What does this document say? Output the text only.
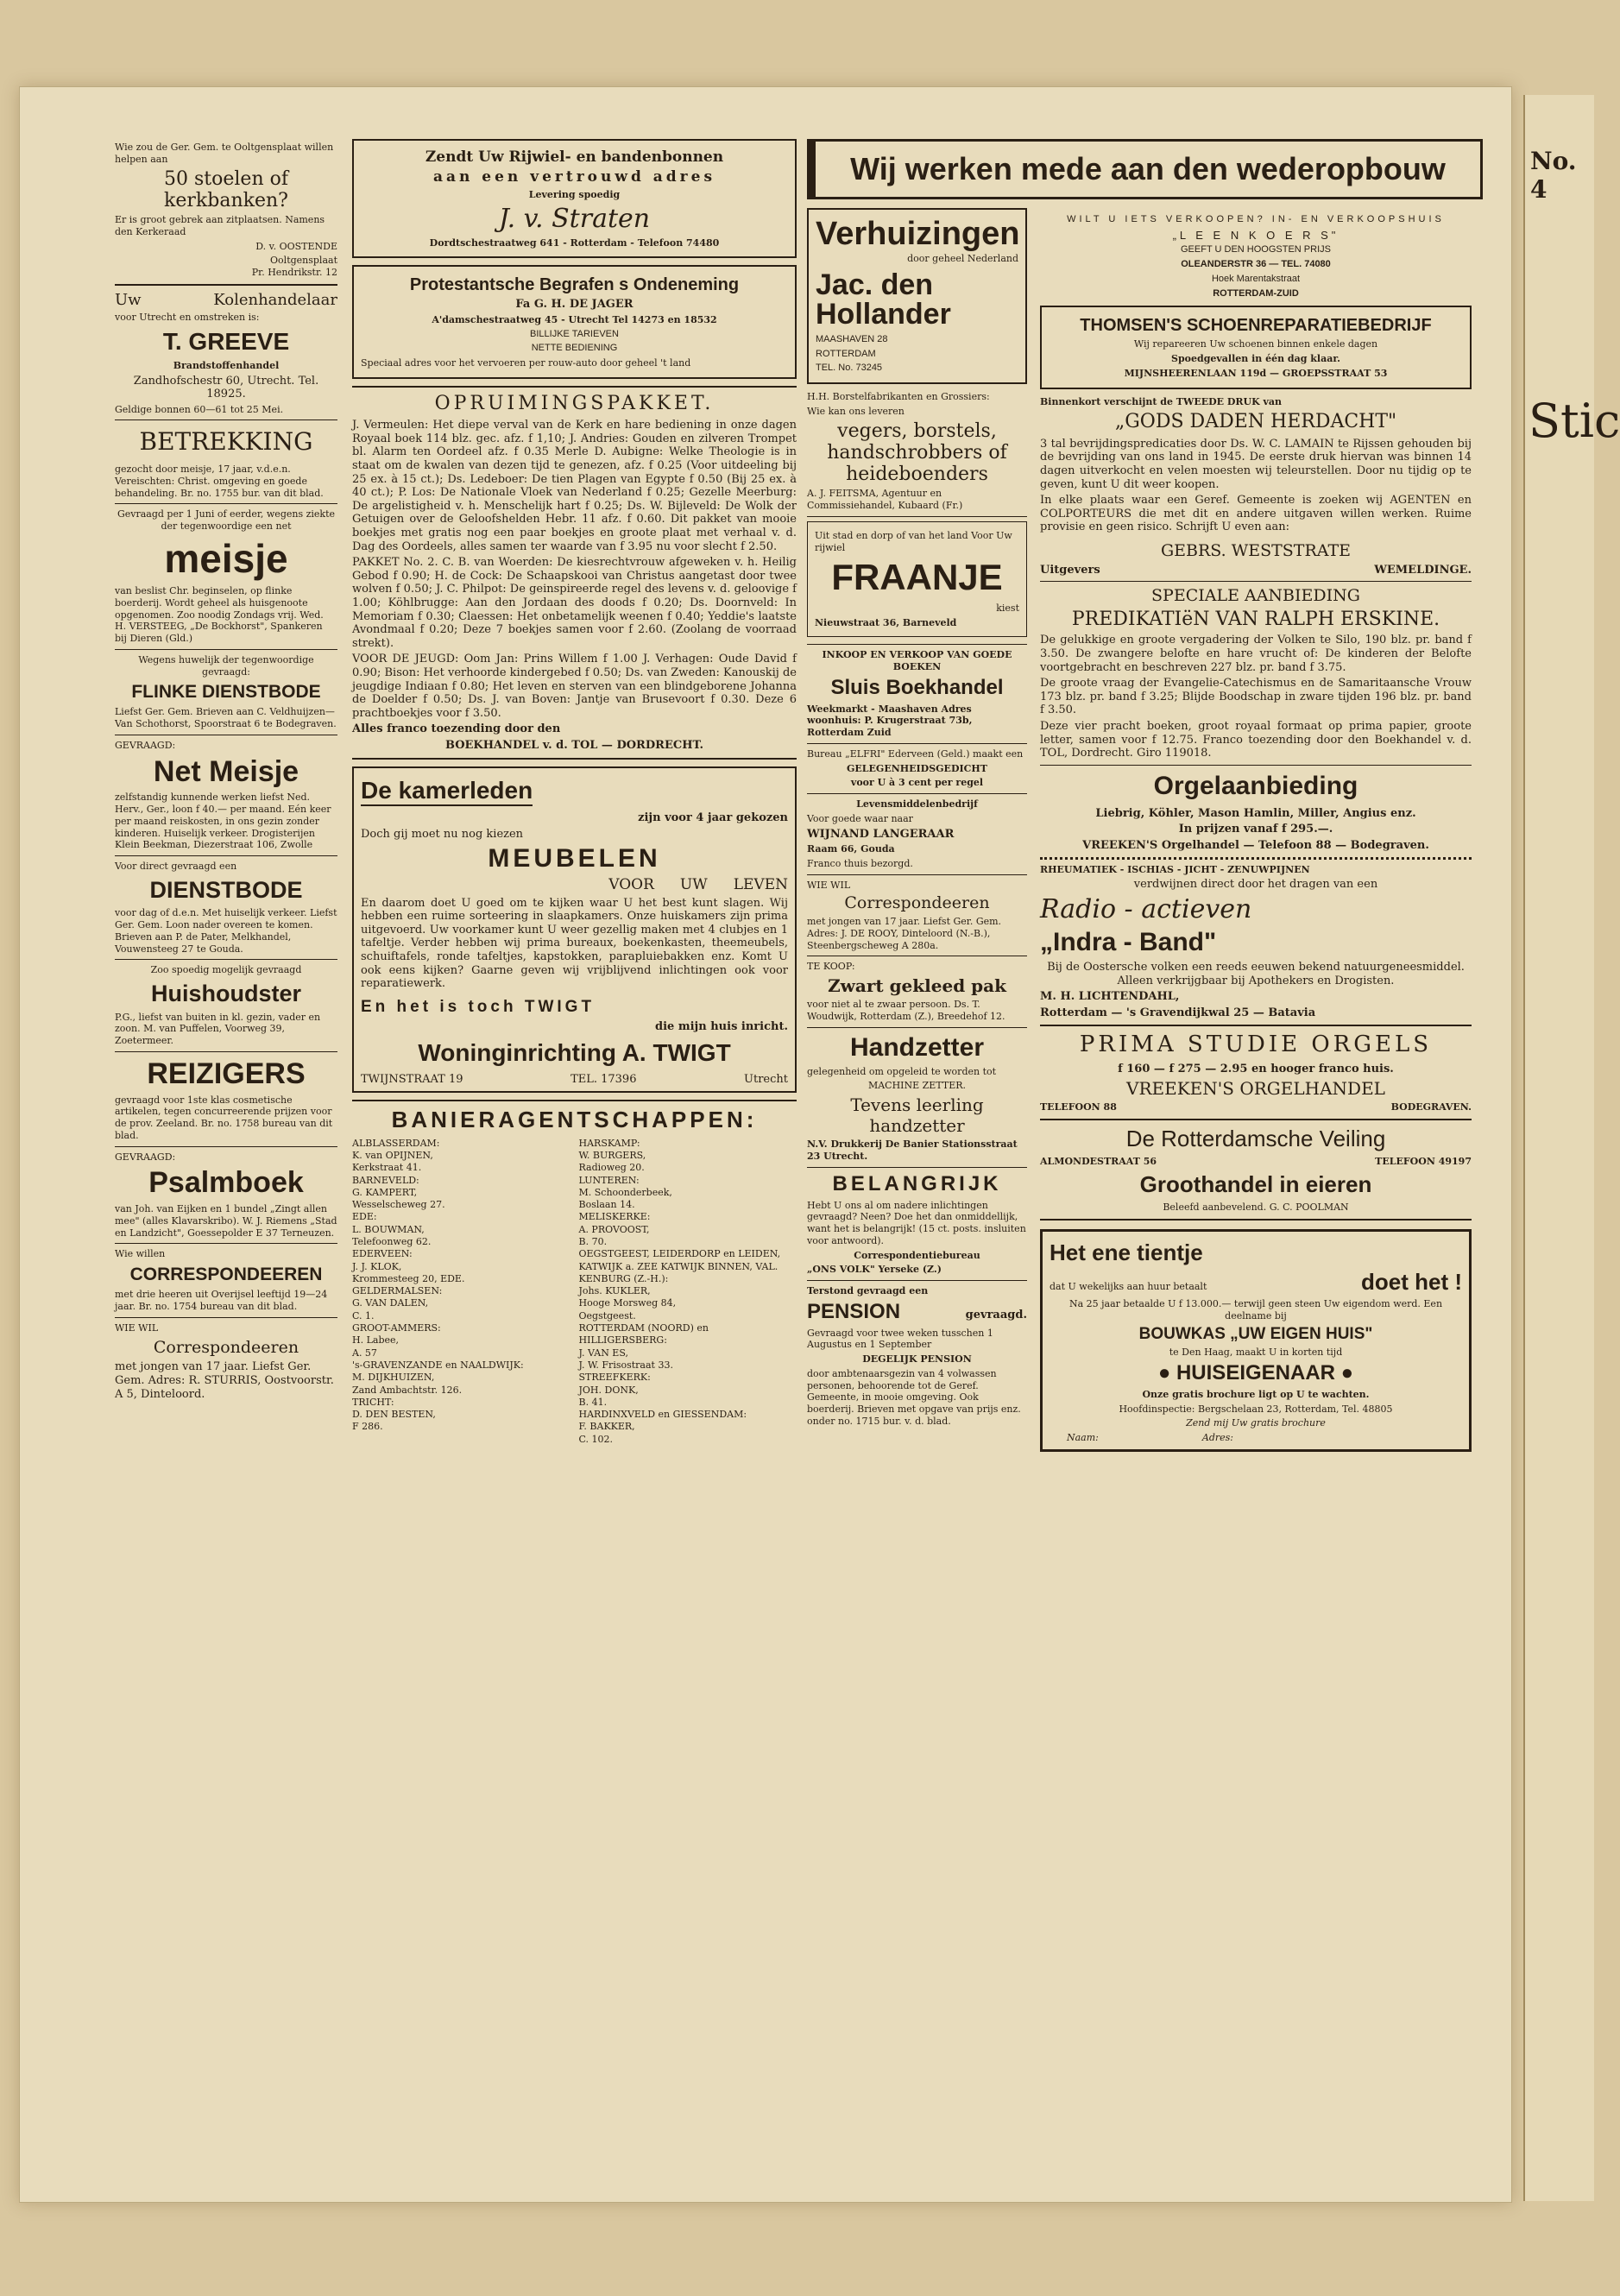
Wie zou de Ger. Gem. te Ooltgensplaat willen helpen aan

50 stoelen of kerkbanken?

Er is groot gebrek aan zitplaatsen. Namens den Kerkeraad

D. v. OOSTENDE

Ooltgensplaat

Pr. Hendrikstr. 12

Uw	Kolenhandelaar

voor Utrecht en omstreken is:

T. GREEVE

Brandstoffenhandel

Zandhofschestr 60, Utrecht. Tel. 18925.

Geldige bonnen 60—61 tot 25 Mei.

BETREKKING

gezocht door meisje, 17 jaar, v.d.e.n. Vereischten: Christ. omgeving en goede behandeling. Br. no. 1755 bur. van dit blad.

Gevraagd per 1 Juni of eerder, wegens ziekte der tegenwoordige een net

meisje

van beslist Chr. beginselen, op flinke boerderij. Wordt geheel als huisgenoote opgenomen. Zoo noodig Zondags vrij. Wed. H. VERSTEEG, „De Bockhorst", Spankeren bij Dieren (Gld.)

Wegens huwelijk der tegenwoordige gevraagd:

FLINKE DIENSTBODE

Liefst Ger. Gem. Brieven aan C. Veldhuijzen—Van Schothorst, Spoorstraat 6 te Bodegraven.

GEVRAAGD:

Net Meisje

zelfstandig kunnende werken liefst Ned. Herv., Ger., loon f 40.— per maand. Eén keer per maand reiskosten, in ons gezin zonder kinderen. Huiselijk verkeer. Drogisterijen Klein Beekman, Diezerstraat 106, Zwolle

Voor direct gevraagd een

DIENSTBODE

voor dag of d.e.n. Met huiselijk verkeer. Liefst Ger. Gem. Loon nader overeen te komen. Brieven aan P. de Pater, Melkhandel, Vouwensteeg 27 te Gouda.

Zoo spoedig mogelijk gevraagd

Huishoudster

P.G., liefst van buiten in kl. gezin, vader en zoon. M. van Puffelen, Voorweg 39, Zoetermeer.

REIZIGERS

gevraagd voor 1ste klas cosmetische artikelen, tegen concurreerende prijzen voor de prov. Zeeland. Br. no. 1758 bureau van dit blad.

GEVRAAGD:

Psalmboek

van Joh. van Eijken en 1 bundel „Zingt allen mee" (alles Klavarskribo). W. J. Riemens „Stad en Landzicht", Goessepolder E 37 Terneuzen.

Wie willen

CORRESPONDEEREN

met drie heeren uit Overijsel leeftijd 19—24 jaar. Br. no. 1754 bureau van dit blad.

WIE WIL

Correspondeeren

met jongen van 17 jaar. Liefst Ger. Gem. Adres: R. STURRIS, Oostvoorstr. A 5, Dinteloord.

Zendt Uw Rijwiel- en bandenbonnen

aan een vertrouwd adres

Levering spoedig

J. v. Straten

Dordtschestraatweg 641 - Rotterdam - Telefoon 74480

Protestantsche Begrafen s Ondeneming

Fa G. H. DE JAGER

A'damschestraatweg 45 - Utrecht Tel 14273 en 18532

BILLIJKE TARIEVEN

NETTE BEDIENING

Speciaal adres voor het vervoeren per rouw-auto door geheel 't land

OPRUIMINGSPAKKET.

J. Vermeulen: Het diepe verval van de Kerk en hare bediening in onze dagen Royaal boek 114 blz. gec. afz. f 1,10; J. Andries: Gouden en zilveren Trompet bl. Alarm ten Oordeel afz. f 0.35 Merle D. Aubigne: Welke Theologie is in staat om de kwalen van dezen tijd te genezen, afz. f 0.25 (Voor uitdeeling bij 25 ex. à 15 ct.); Ds. Ledeboer: De tien Plagen van Egypte f 0.50 (Bij 25 ex. à 40 ct.); P. Los: De Nationale Vloek van Nederland f 0.25; Gezelle Meerburg: De argelistigheid v. h. Menschelijk hart f 0.25; Ds. W. Bijleveld: De Wolk der Getuigen over de Geloofshelden Hebr. 11 afz. f 0.60. Dit pakket van mooie boekjes met gratis nog een paar boekjes en groote plaat met verhaal v. d. Dag des Oordeels, alles samen ter waarde van f 3.95 nu voor slecht f 2.50.

PAKKET No. 2. C. B. van Woerden: De kiesrechtvrouw afgeweken v. h. Heilig Gebod f 0.90; H. de Cock: De Schaapskooi van Christus aangetast door twee wolven f 0.50; J. C. Philpot: De geinspireerde regel des levens v. d. geloovige f 1.00; Köhlbrugge: Aan den Jordaan des doods f 0.20; Ds. Doornveld: In Memoriam f 0.30; Claessen: Het onbetamelijk weenen f 0.40; Yeddie's laatste Avondmaal f 0.20; Deze 7 boekjes samen voor f 2.60. (Zoolang de voorraad strekt).

VOOR DE JEUGD: Oom Jan: Prins Willem f 1.00 J. Verhagen: Oude David f 0.90; Bison: Het verhoorde kindergebed f 0.50; Ds. van Zweden: Kanouskij de jeugdige Indiaan f 0.80; Het leven en sterven van een blindgeborene Johanna de Doelder f 0.50; Ds. J. van Boven: Jantje van Brusevoort f 0.30. Deze 6 prachtboekjes voor f 3.50.

Alles franco toezending door den

BOEKHANDEL v. d. TOL — DORDRECHT.

De kamerleden

zijn voor 4 jaar gekozen

Doch gij moet nu nog kiezen

MEUBELEN

VOOR UW LEVEN

En daarom doet U goed om te kijken waar U het best kunt slagen. Wij hebben een ruime sorteering in slaapkamers. Onze huiskamers zijn prima uitgevoerd. Uw voorkamer kunt U weer gezellig maken met 4 clubjes en 1 tafeltje. Verder hebben wij prima bureaux, boekenkasten, theemeubels, schuiftafels, ronde tafeltjes, kapstokken, parapluiebakken enz. Komt U ook eens kijken? Gaarne geven wij vrijblijvend inlichtingen ook voor reparatiewerk.

En het is toch TWIGT

die mijn huis inricht.

Woninginrichting A. TWIGT

TWIJNSTRAAT 19	TEL. 17396	Utrecht

BANIERAGENTSCHAPPEN:

ALBLASSERDAM:
K. van OPIJNEN,
Kerkstraat 41.
BARNEVELD:
G. KAMPERT,
Wesselscheweg 27.
EDE:
L. BOUWMAN,
Telefoonweg 62.
EDERVEEN:
J. J. KLOK,
Krommesteeg 20, EDE.
GELDERMALSEN:
G. VAN DALEN,
C. 1.
GROOT-AMMERS:
H. Labee,
A. 57
's-GRAVENZANDE en NAALDWIJK:
M. DIJKHUIZEN,
Zand Ambachtstr. 126.
TRICHT:
D. DEN BESTEN,
F 286.
HARSKAMP:
W. BURGERS,
Radioweg 20.
LUNTEREN:
M. Schoonderbeek,
Boslaan 14.
MELISKERKE:
A. PROVOOST,
B. 70.
OEGSTGEEST, LEIDERDORP en LEIDEN, KATWIJK a. ZEE KATWIJK BINNEN, VAL.
KENBURG (Z.-H.):
Johs. KUKLER,
Hooge Morsweg 84,
Oegstgeest.
ROTTERDAM (NOORD) en HILLIGERSBERG:
J. VAN ES,
J. W. Frisostraat 33.
STREEFKERK:
JOH. DONK,
B. 41.
HARDINXVELD en GIESSENDAM:
F. BAKKER,
C. 102.
Wij werken mede aan den wederopbouw

Verhuizingen

door geheel Nederland

Jac. den Hollander

MAASHAVEN 28

ROTTERDAM

TEL. No. 73245

H.H. Borstelfabrikanten en Grossiers:

Wie kan ons leveren

vegers, borstels, handschrobbers of heideboenders

A. J. FEITSMA, Agentuur en Commissiehandel, Kubaard (Fr.)

Uit stad en dorp of van het land Voor Uw rijwiel

FRAANJE

kiest

Nieuwstraat 36, Barneveld

INKOOP EN VERKOOP VAN GOEDE BOEKEN

Sluis Boekhandel

Weekmarkt - Maashaven Adres woonhuis: P. Krugerstraat 73b, Rotterdam Zuid

Bureau „ELFRI" Ederveen (Geld.) maakt een

GELEGENHEIDSGEDICHT

voor U à 3 cent per regel

Levensmiddelenbedrijf

Voor goede waar naar

WIJNAND LANGERAAR

Raam 66, Gouda

Franco thuis bezorgd.

WIE WIL

Correspondeeren

met jongen van 17 jaar. Liefst Ger. Gem. Adres: J. DE ROOY, Dinteloord (N.-B.), Steenbergscheweg A 280a.

TE KOOP:

Zwart gekleed pak

voor niet al te zwaar persoon. Ds. T. Woudwijk, Rotterdam (Z.), Breedehof 12.

Handzetter

gelegenheid om opgeleid te worden tot

MACHINE ZETTER.

Tevens leerling handzetter

N.V. Drukkerij De Banier Stationsstraat 23 Utrecht.

BELANGRIJK

Hebt U ons al om nadere inlichtingen gevraagd? Neen? Doe het dan onmiddellijk, want het is belangrijk! (15 ct. posts. insluiten voor antwoord).

Correspondentiebureau

„ONS VOLK" Yerseke (Z.)

Terstond gevraagd een

PENSION	gevraagd.

Gevraagd voor twee weken tusschen 1 Augustus en 1 September

DEGELIJK PENSION

door ambtenaarsgezin van 4 volwassen personen, behoorende tot de Geref. Gemeente, in mooie omgeving. Ook boerderij. Brieven met opgave van prijs enz. onder no. 1715 bur. v. d. blad.

WILT U IETS VERKOOPEN? IN- EN VERKOOPSHUIS

„L E E N K O E R S"

GEEFT U DEN HOOGSTEN PRIJS

OLEANDERSTR 36 — TEL. 74080

Hoek Marentakstraat

ROTTERDAM-ZUID

THOMSEN'S SCHOENREPARATIEBEDRIJF

Wij repareeren Uw schoenen binnen enkele dagen

Spoedgevallen in één dag klaar.

MIJNSHEERENLAAN 119d — GROEPSSTRAAT 53

Binnenkort verschijnt de TWEEDE DRUK van

„GODS DADEN HERDACHT"

3 tal bevrijdingspredicaties door Ds. W. C. LAMAIN te Rijssen gehouden bij de bevrijding van ons land in 1945. De eerste druk hiervan was binnen 14 dagen uitverkocht en velen moesten wij teleurstellen. Door nu tijdig op te geven, kunt U dit weer koopen.

In elke plaats waar een Geref. Gemeente is zoeken wij AGENTEN en COLPORTEURS die met dit en andere uitgaven willen werken. Ruime provisie en geen risico. Schrijft U even aan:

GEBRS. WESTSTRATE

Uitgevers	WEMELDINGE.

SPECIALE AANBIEDING

PREDIKATIëN VAN RALPH ERSKINE.

De gelukkige en groote vergadering der Volken te Silo, 190 blz. pr. band f 3.50. De zwangere belofte en hare vrucht of: De kinderen der Belofte voortgebracht en beschreven 227 blz. pr. band f 3.75.

De groote vraag der Evangelie-Catechismus en de Samaritaansche Vrouw 173 blz. pr. band f 3.25; Blijde Boodschap in zware tijden 196 blz. pr. band f 3.50.

Deze vier pracht boeken, groot royaal formaat op prima papier, groote letter, samen voor f 12.75. Franco toezending door den Boekhandel v. d. TOL, Dordrecht. Giro 119018.

Orgelaanbieding

Liebrig, Köhler, Mason Hamlin, Miller, Angius enz.

In prijzen vanaf f 295.—.

VREEKEN'S Orgelhandel — Telefoon 88 — Bodegraven.

RHEUMATIEK - ISCHIAS - JICHT - ZENUWPIJNEN

verdwijnen direct door het dragen van een

Radio - actieven

„Indra - Band"

Bij de Oostersche volken een reeds eeuwen bekend natuurgeneesmiddel. Alleen verkrijgbaar bij Apothekers en Drogisten.

M. H. LICHTENDAHL,

Rotterdam — 's Gravendijkwal 25 — Batavia

PRIMA STUDIE ORGELS

f 160 — f 275 — 2.95 en hooger franco huis.

VREEKEN'S ORGELHANDEL

TELEFOON 88	BODEGRAVEN.

De Rotterdamsche Veiling

ALMONDESTRAAT 56	TELEFOON 49197

Groothandel in eieren

Beleefd aanbevelend. G. C. POOLMAN

Het ene tientje

dat U wekelijks aan huur betaalt	doet het !

Na 25 jaar betaalde U f 13.000.— terwijl geen steen Uw eigendom werd. Een deelname bij

BOUWKAS „UW EIGEN HUIS"

te Den Haag, maakt U in korten tijd

● HUISEIGENAAR ●

Onze gratis brochure ligt op U te wachten.

Hoofdinspectie: Bergschelaan 23, Rotterdam, Tel. 48805

Zend mij Uw gratis brochure

Naam:	Adres:

No. 4

Stic
